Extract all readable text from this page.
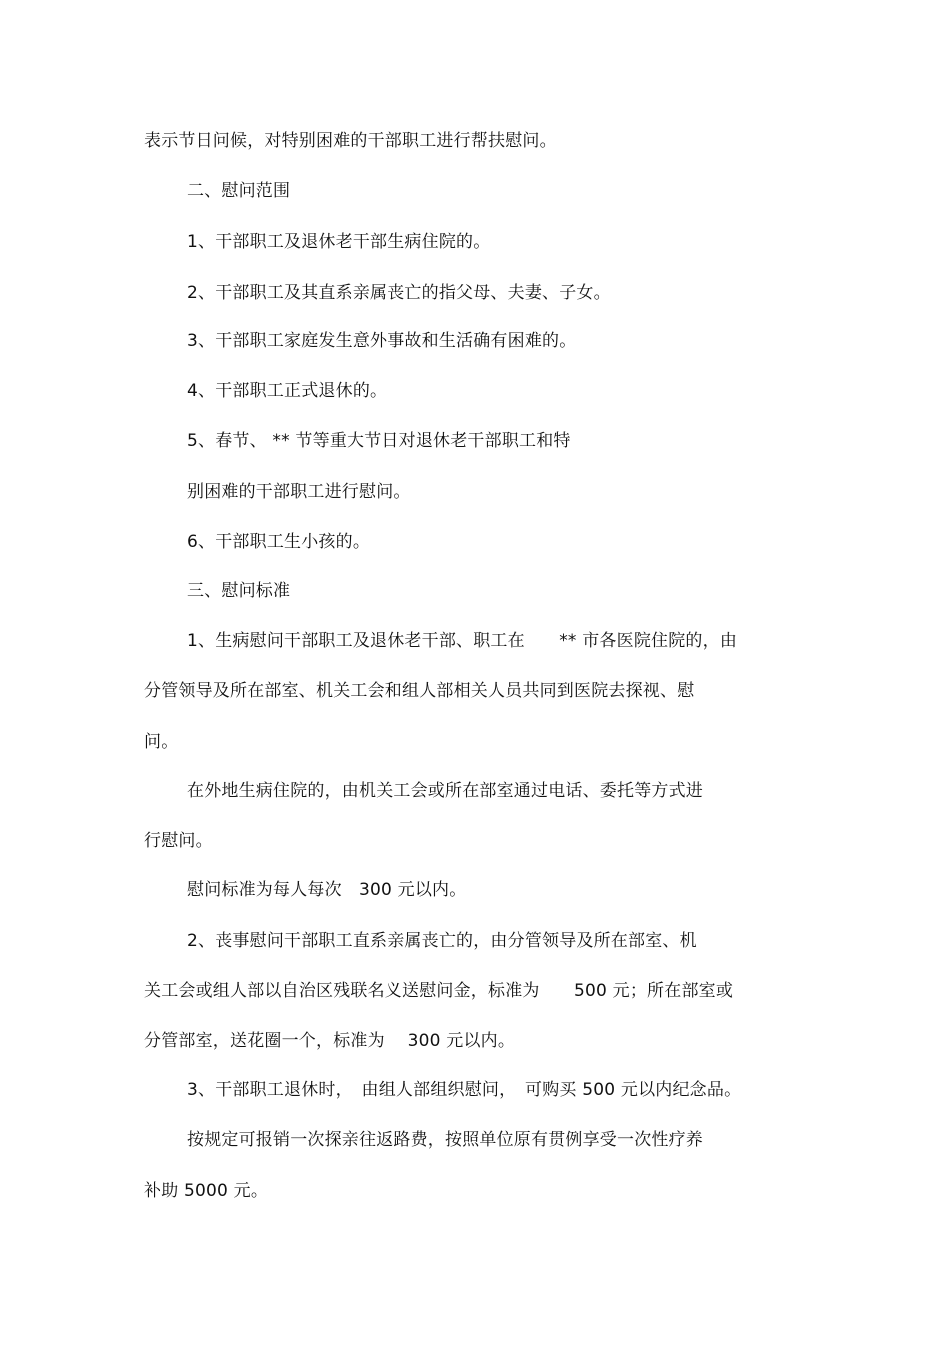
表示节日问候，对特别困难的干部职工进行帮扶慰问。
二、慰问范围
1、干部职工及退休老干部生病住院的。
2、干部职工及其直系亲属丧亡的指父母、夫妻、子女。
3、干部职工家庭发生意外事故和生活确有困难的。
4、干部职工正式退休的。
5、春节、 ** 节等重大节日对退休老干部职工和特
别困难的干部职工进行慰问。
6、干部职工生小孩的。
三、慰问标准
1、生病慰问干部职工及退休老干部、职工在　　** 市各医院住院的，由
分管领导及所在部室、机关工会和组人部相关人员共同到医院去探视、慰
问。
在外地生病住院的，由机关工会或所在部室通过电话、委托等方式进
行慰问。
慰问标准为每人每次　300 元以内。
2、丧事慰问干部职工直系亲属丧亡的，由分管领导及所在部室、机
关工会或组人部以自治区残联名义送慰问金，标准为　　500 元；所在部室或
分管部室，送花圈一个，标准为　 300 元以内。
3、干部职工退休时，　由组人部组织慰问，　可购买 500 元以内纪念品。
按规定可报销一次探亲往返路费，按照单位原有贯例享受一次性疗养
补助 5000 元。
